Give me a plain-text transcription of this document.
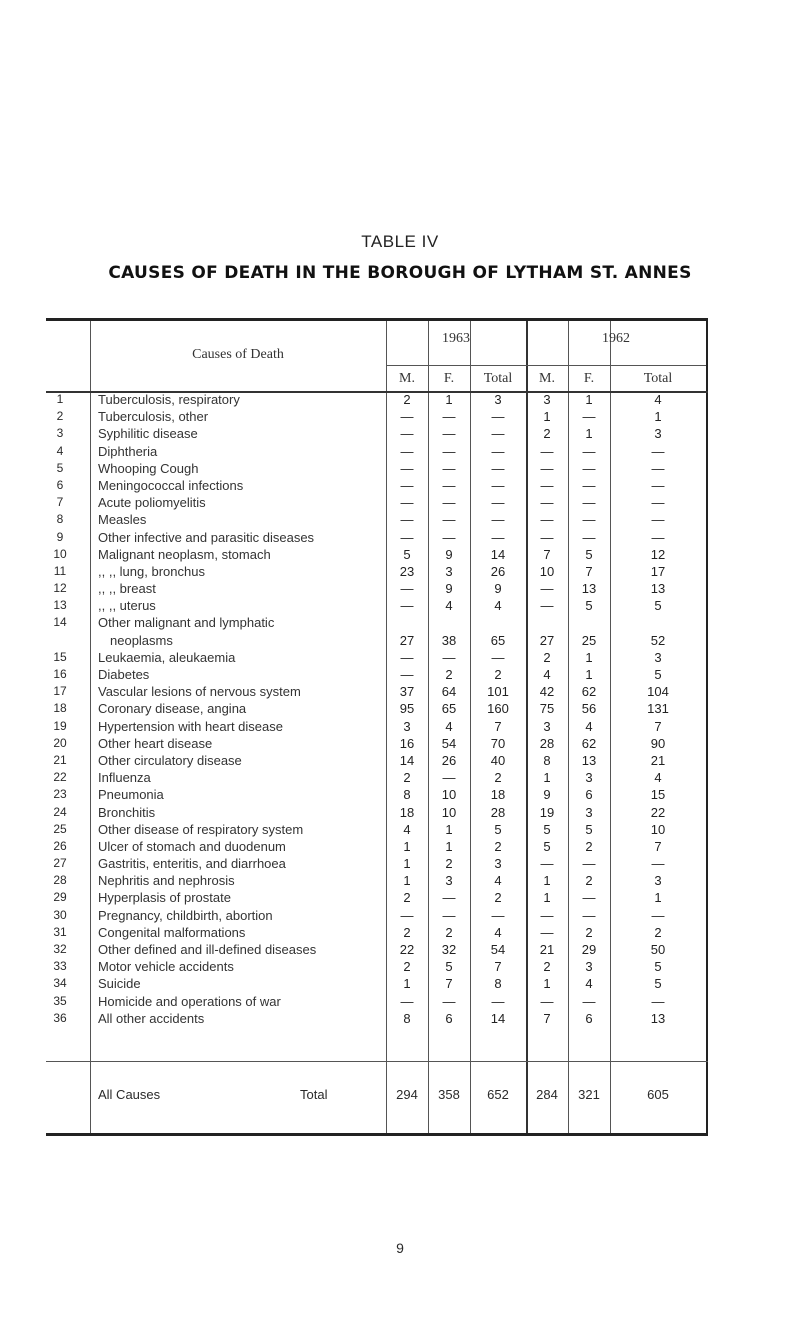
TABLE IV
CAUSES OF DEATH IN THE BOROUGH OF LYTHAM ST. ANNES
Causes of Death
1963	1962
M.	F.	Total	M.	F.	Total
1	Tuberculosis, respiratory	2	1	3	3	1	4
2	Tuberculosis, other	—	—	—	1	—	1
3	Syphilitic disease	—	—	—	2	1	3
4	Diphtheria	—	—	—	—	—	—
5	Whooping Cough	—	—	—	—	—	—
6	Meningococcal infections	—	—	—	—	—	—
7	Acute poliomyelitis	—	—	—	—	—	—
8	Measles	—	—	—	—	—	—
9	Other infective and parasitic diseases	—	—	—	—	—	—
10	Malignant neoplasm, stomach	5	9	14	7	5	12
11	,, ,, lung, bronchus	23	3	26	10	7	17
12	,, ,, breast	—	9	9	—	13	13
13	,, ,, uterus	—	4	4	—	5	5
14	Other malignant and lymphatic
neoplasms	27	38	65	27	25	52
15	Leukaemia, aleukaemia	—	—	—	2	1	3
16	Diabetes	—	2	2	4	1	5
17	Vascular lesions of nervous system	37	64	101	42	62	104
18	Coronary disease, angina	95	65	160	75	56	131
19	Hypertension with heart disease	3	4	7	3	4	7
20	Other heart disease	16	54	70	28	62	90
21	Other circulatory disease	14	26	40	8	13	21
22	Influenza	2	—	2	1	3	4
23	Pneumonia	8	10	18	9	6	15
24	Bronchitis	18	10	28	19	3	22
25	Other disease of respiratory system	4	1	5	5	5	10
26	Ulcer of stomach and duodenum	1	1	2	5	2	7
27	Gastritis, enteritis, and diarrhoea	1	2	3	—	—	—
28	Nephritis and nephrosis	1	3	4	1	2	3
29	Hyperplasis of prostate	2	—	2	1	—	1
30	Pregnancy, childbirth, abortion	—	—	—	—	—	—
31	Congenital malformations	2	2	4	—	2	2
32	Other defined and ill-defined diseases	22	32	54	21	29	50
33	Motor vehicle accidents	2	5	7	2	3	5
34	Suicide	1	7	8	1	4	5
35	Homicide and operations of war	—	—	—	—	—	—
36	All other accidents	8	6	14	7	6	13
All Causes	Total	294	358	652	284	321	605
9
